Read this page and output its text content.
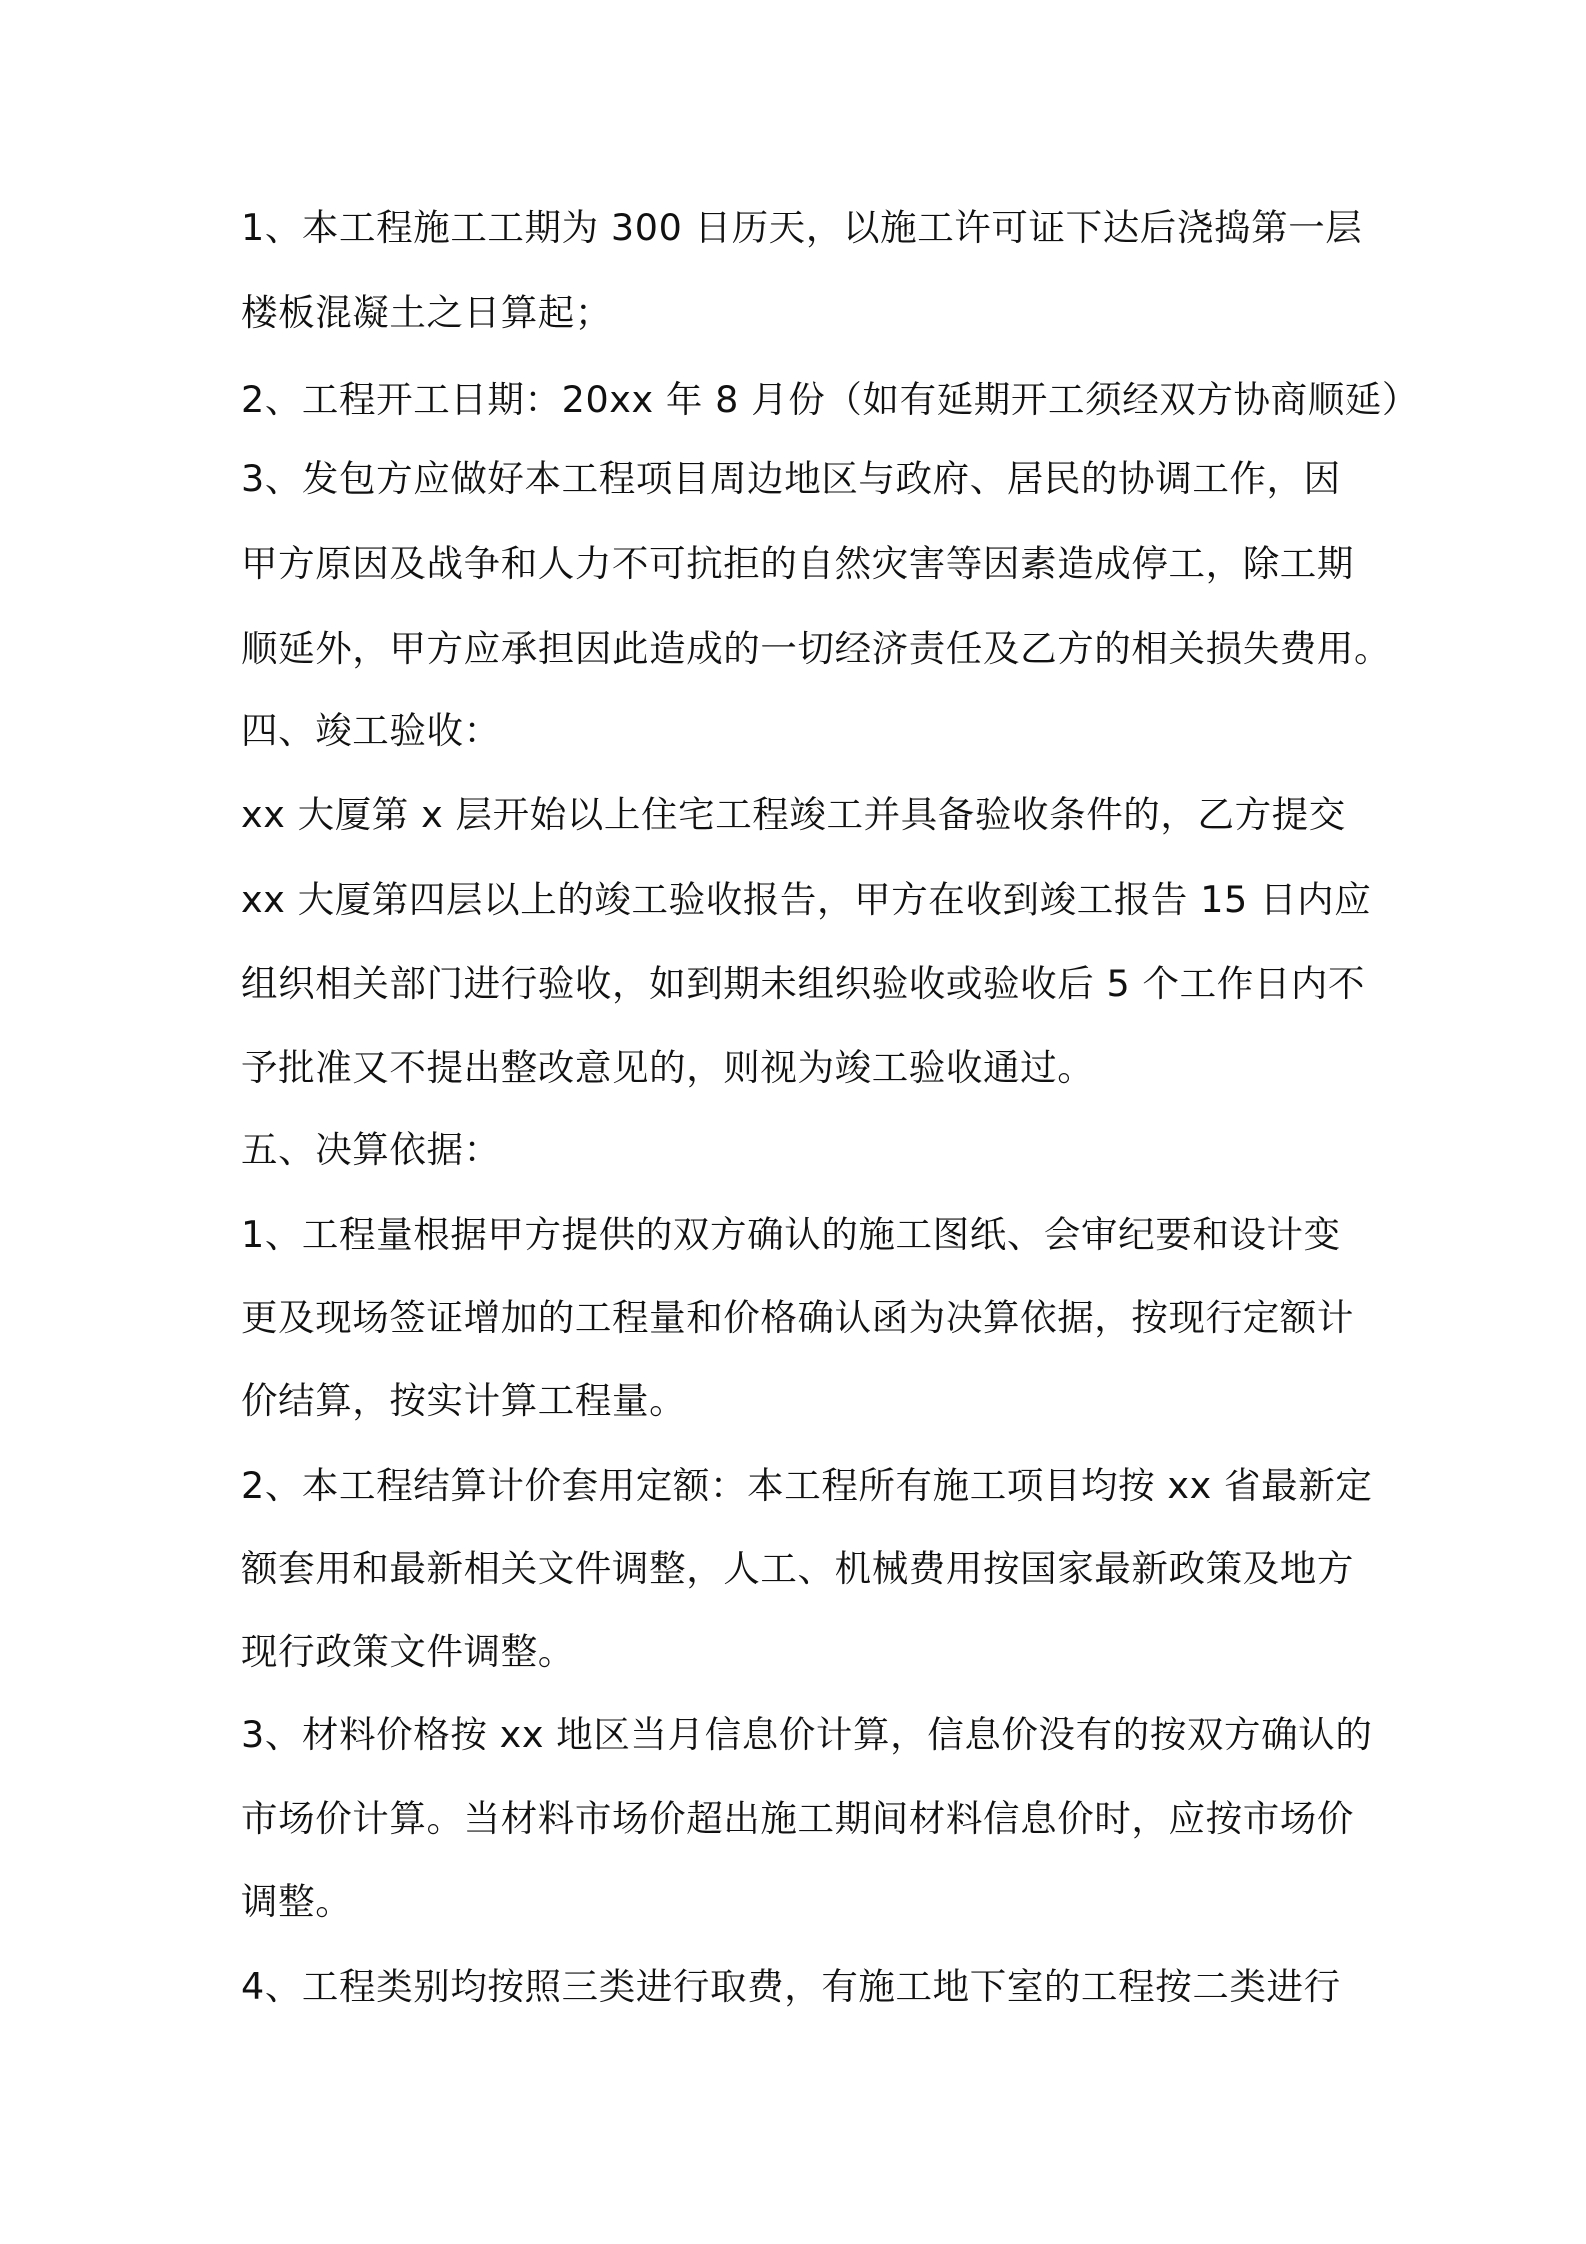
1、本工程施工工期为 300 日历天，以施工许可证下达后浇捣第一层
楼板混凝土之日算起；
2、工程开工日期：20xx 年 8 月份（如有延期开工须经双方协商顺延）
3、发包方应做好本工程项目周边地区与政府、居民的协调工作，因
甲方原因及战争和人力不可抗拒的自然灾害等因素造成停工，除工期
顺延外，甲方应承担因此造成的一切经济责任及乙方的相关损失费用。
四、竣工验收：
xx 大厦第 x 层开始以上住宅工程竣工并具备验收条件的，乙方提交
xx 大厦第四层以上的竣工验收报告，甲方在收到竣工报告 15 日内应
组织相关部门进行验收，如到期未组织验收或验收后 5 个工作日内不
予批准又不提出整改意见的，则视为竣工验收通过。
五、决算依据：
1、工程量根据甲方提供的双方确认的施工图纸、会审纪要和设计变
更及现场签证增加的工程量和价格确认函为决算依据，按现行定额计
价结算，按实计算工程量。
2、本工程结算计价套用定额：本工程所有施工项目均按 xx 省最新定
额套用和最新相关文件调整，人工、机械费用按国家最新政策及地方
现行政策文件调整。
3、材料价格按 xx 地区当月信息价计算，信息价没有的按双方确认的
市场价计算。当材料市场价超出施工期间材料信息价时，应按市场价
调整。
4、工程类别均按照三类进行取费，有施工地下室的工程按二类进行
